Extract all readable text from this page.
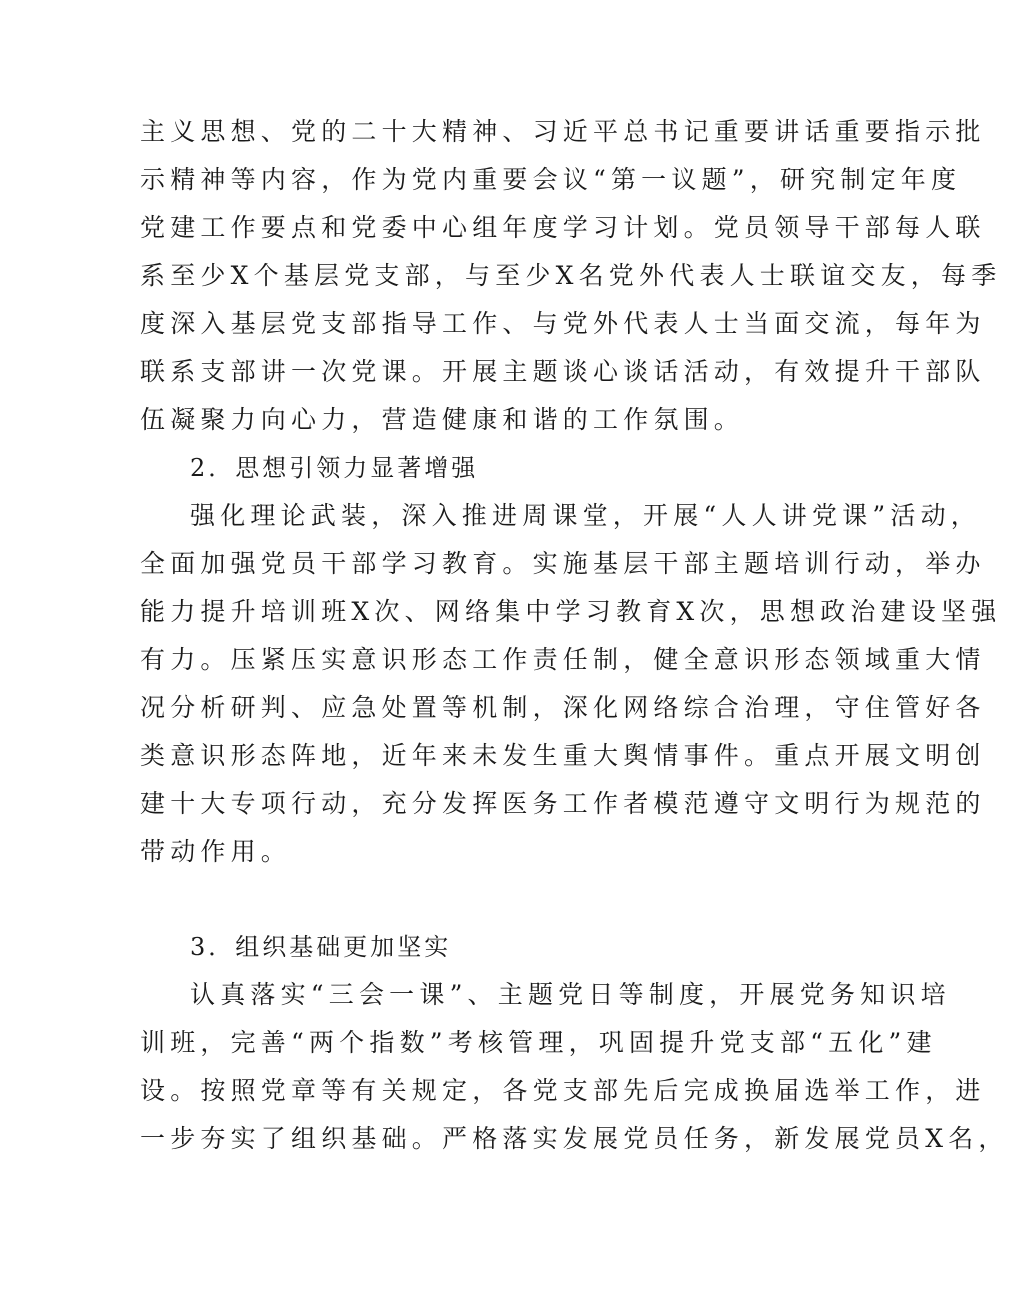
主义思想、党的二十大精神、习近平总书记重要讲话重要指示批
示精神等内容，作为党内重要会议“第一议题”，研究制定年度
党建工作要点和党委中心组年度学习计划。党员领导干部每人联
系至少X个基层党支部，与至少X名党外代表人士联谊交友，每季
度深入基层党支部指导工作、与党外代表人士当面交流，每年为
联系支部讲一次党课。开展主题谈心谈话活动，有效提升干部队
伍凝聚力向心力，营造健康和谐的工作氛围。
2．思想引领力显著增强
强化理论武装，深入推进周课堂，开展“人人讲党课”活动，
全面加强党员干部学习教育。实施基层干部主题培训行动，举办
能力提升培训班X次、网络集中学习教育X次，思想政治建设坚强
有力。压紧压实意识形态工作责任制，健全意识形态领域重大情
况分析研判、应急处置等机制，深化网络综合治理，守住管好各
类意识形态阵地，近年来未发生重大舆情事件。重点开展文明创
建十大专项行动，充分发挥医务工作者模范遵守文明行为规范的
带动作用。
3．组织基础更加坚实
认真落实“三会一课”、主题党日等制度，开展党务知识培
训班，完善“两个指数”考核管理，巩固提升党支部“五化”建
设。按照党章等有关规定，各党支部先后完成换届选举工作，进
一步夯实了组织基础。严格落实发展党员任务，新发展党员X名，
